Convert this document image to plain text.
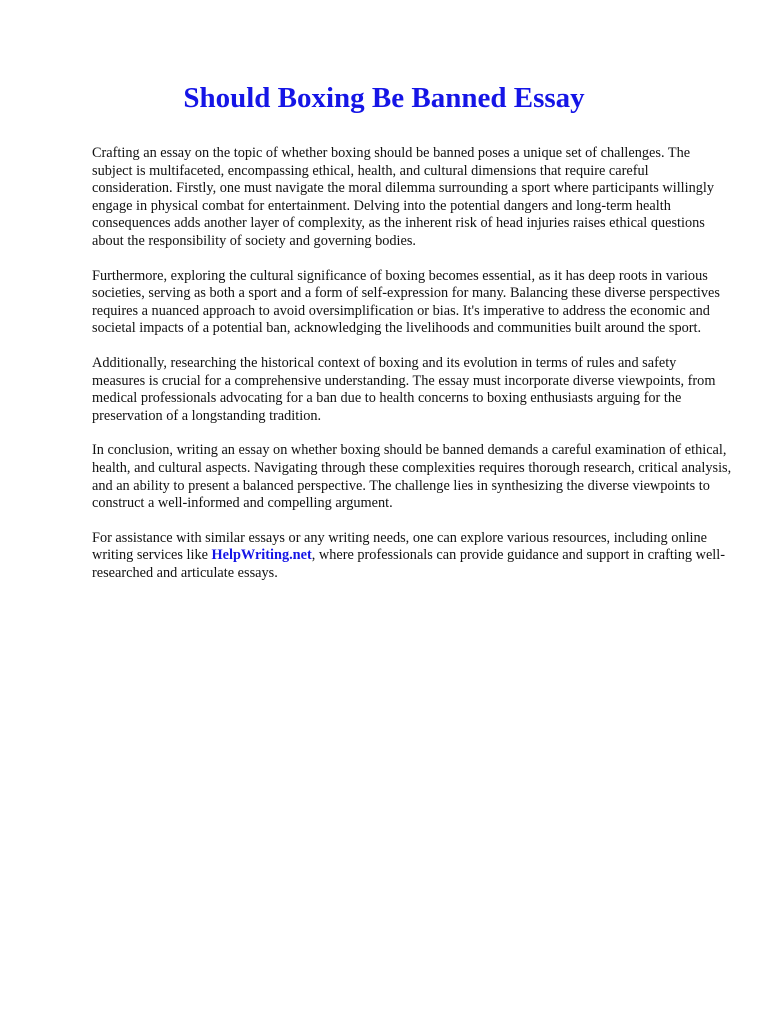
Should Boxing Be Banned Essay

Crafting an essay on the topic of whether boxing should be banned poses a unique set of challenges. The subject is multifaceted, encompassing ethical, health, and cultural dimensions that require careful consideration. Firstly, one must navigate the moral dilemma surrounding a sport where participants willingly engage in physical combat for entertainment. Delving into the potential dangers and long-term health consequences adds another layer of complexity, as the inherent risk of head injuries raises ethical questions about the responsibility of society and governing bodies.

Furthermore, exploring the cultural significance of boxing becomes essential, as it has deep roots in various societies, serving as both a sport and a form of self-expression for many. Balancing these diverse perspectives requires a nuanced approach to avoid oversimplification or bias. It's imperative to address the economic and societal impacts of a potential ban, acknowledging the livelihoods and communities built around the sport.

Additionally, researching the historical context of boxing and its evolution in terms of rules and safety measures is crucial for a comprehensive understanding. The essay must incorporate diverse viewpoints, from medical professionals advocating for a ban due to health concerns to boxing enthusiasts arguing for the preservation of a longstanding tradition.

In conclusion, writing an essay on whether boxing should be banned demands a careful examination of ethical, health, and cultural aspects. Navigating through these complexities requires thorough research, critical analysis, and an ability to present a balanced perspective. The challenge lies in synthesizing the diverse viewpoints to construct a well-informed and compelling argument.

For assistance with similar essays or any writing needs, one can explore various resources, including online writing services like HelpWriting.net, where professionals can provide guidance and support in crafting well-researched and articulate essays.
